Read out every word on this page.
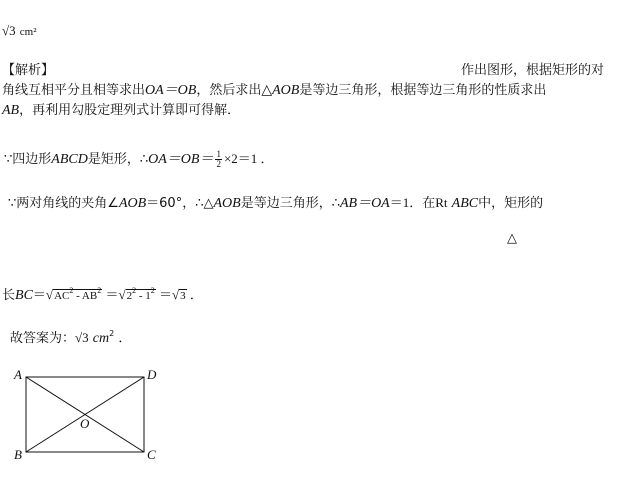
√3 cm²
【解析】	作出图形，根据矩形的对
角线互相平分且相等求出OA＝OB，然后求出△AOB是等边三角形，根据等边三角形的性质求出
AB，再利用勾股定理列式计算即可得解．
∵四边形ABCD是矩形，∴OA＝OB＝ $\frac{1}{2} \times 2=1$ ．
∵两对角线的夹角∠AOB＝60°，∴△AOB是等边三角形，∴AB＝OA＝1．在Rt ABC中，矩形的
△
长$BC=√AC^2 - AB^2 =√2^2 - 1^2 =√3$ ．
故答案为：√3 $cm^2$ ．
A	D
B	C
O
